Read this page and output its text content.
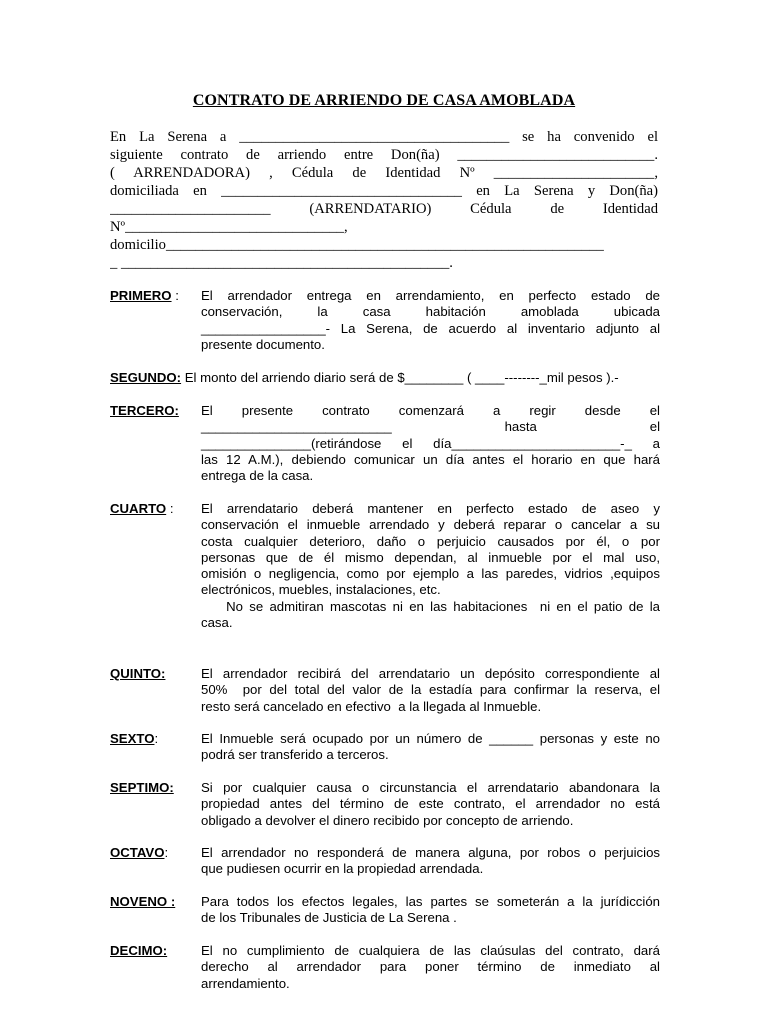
CONTRATO DE ARRIENDO DE CASA AMOBLADA
En La Serena a _____________________________________ se ha convenido el
siguiente contrato de arriendo entre Don(ña) ___________________________.
( ARRENDADORA) , Cédula de Identidad Nº ______________________,
domiciliada en _________________________________ en La Serena y Don(ña)
______________________ (ARRENDATARIO) Cédula de Identidad
Nº______________________________,
domicilio____________________________________________________________
_ _____________________________________________.
PRIMERO : El arrendador entrega en arrendamiento, en perfecto estado de
conservación, la casa habitación amoblada ubicada
_________________- La Serena, de acuerdo al inventario adjunto al
presente documento.
SEGUNDO: El monto del arriendo diario será de $________ ( ____--------_mil pesos ).-
TERCERO: El presente contrato comenzará a regir desde el
__________________________ hasta el
_______________(retirándose el día_______________________-_ a
las 12 A.M.), debiendo comunicar un día antes el horario en que hará
entrega de la casa.
CUARTO : El arrendatario deberá mantener en perfecto estado de aseo y
conservación el inmueble arrendado y deberá reparar o cancelar a su
costa cualquier deterioro, daño o perjuicio causados por él, o por
personas que de él mismo dependan, al inmueble por el mal uso,
omisión o negligencia, como por ejemplo a las paredes, vidrios ,equipos
electrónicos, muebles, instalaciones, etc.
No se admitiran mascotas ni en las habitaciones  ni en el patio de la
casa.
QUINTO:	El arrendador recibirá del arrendatario un depósito correspondiente al
50%  por del total del valor de la estadía para confirmar la reserva, el
resto será cancelado en efectivo  a la llegada al Inmueble.
SEXTO:	El Inmueble será ocupado por un número de ______ personas y este no
podrá ser transferido a terceros.
SEPTIMO: Si por cualquier causa o circunstancia el arrendatario abandonara la
propiedad antes del término de este contrato, el arrendador no está
obligado a devolver el dinero recibido por concepto de arriendo.
OCTAVO: El arrendador no responderá de manera alguna, por robos o perjuicios
que pudiesen ocurrir en la propiedad arrendada.
NOVENO : Para todos los efectos legales, las partes se someterán a la jurídicción
de los Tribunales de Justicia de La Serena .
DECIMO:	El no cumplimiento de cualquiera de las claúsulas del contrato, dará
derecho al arrendador para poner término de inmediato al
arrendamiento.
